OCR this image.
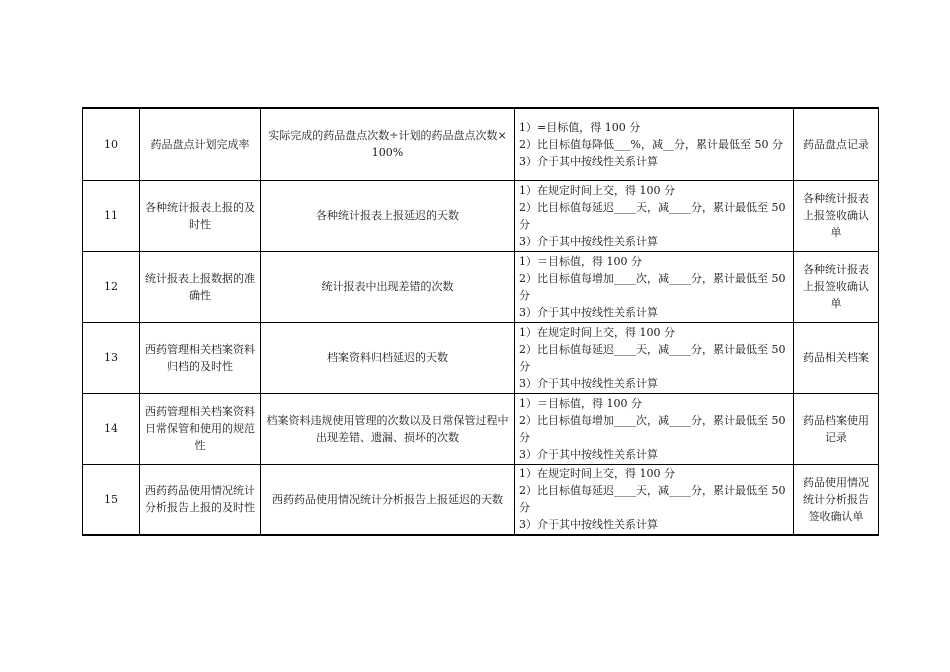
10	药品盘点计划完成率	实际完成的药品盘点次数÷计划的药品盘点次数×100%	1）=目标值，得 100 分
2）比目标值每降低___%，减__分，累计最低至 50 分
3）介于其中按线性关系计算	药品盘点记录
11	各种统计报表上报的及时性	各种统计报表上报延迟的天数	1）在规定时间上交，得 100 分
2）比目标值每延迟____天，减____分，累计最低至 50 分
3）介于其中按线性关系计算	各种统计报表上报签收确认单
12	统计报表上报数据的准确性	统计报表中出现差错的次数	1）＝目标值，得 100 分
2）比目标值每增加____次，减____分，累计最低至 50 分
3）介于其中按线性关系计算	各种统计报表上报签收确认单
13	西药管理相关档案资料归档的及时性	档案资料归档延迟的天数	1）在规定时间上交，得 100 分
2）比目标值每延迟____天，减____分，累计最低至 50 分
3）介于其中按线性关系计算	药品相关档案
14	西药管理相关档案资料日常保管和使用的规范性	档案资料违规使用管理的次数以及日常保管过程中出现差错、遗漏、损坏的次数	1）＝目标值，得 100 分
2）比目标值每增加____次，减____分，累计最低至 50 分
3）介于其中按线性关系计算	药品档案使用记录
15	西药药品使用情况统计分析报告上报的及时性	西药药品使用情况统计分析报告上报延迟的天数	1）在规定时间上交，得 100 分
2）比目标值每延迟____天，减____分，累计最低至 50 分
3）介于其中按线性关系计算	药品使用情况统计分析报告签收确认单
